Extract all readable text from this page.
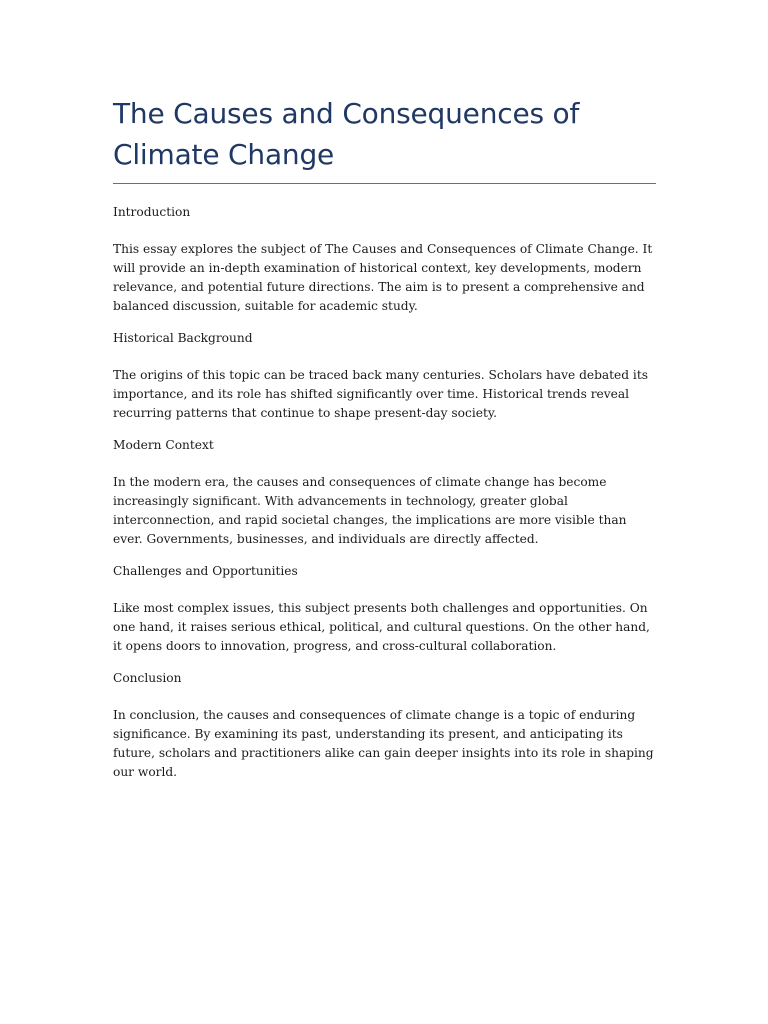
The Causes and Consequences of Climate Change

Introduction

This essay explores the subject of The Causes and Consequences of Climate Change. It will provide an in-depth examination of historical context, key developments, modern relevance, and potential future directions. The aim is to present a comprehensive and balanced discussion, suitable for academic study.

Historical Background

The origins of this topic can be traced back many centuries. Scholars have debated its importance, and its role has shifted significantly over time. Historical trends reveal recurring patterns that continue to shape present-day society.

Modern Context

In the modern era, the causes and consequences of climate change has become increasingly significant. With advancements in technology, greater global interconnection, and rapid societal changes, the implications are more visible than ever. Governments, businesses, and individuals are directly affected.

Challenges and Opportunities

Like most complex issues, this subject presents both challenges and opportunities. On one hand, it raises serious ethical, political, and cultural questions. On the other hand, it opens doors to innovation, progress, and cross-cultural collaboration.

Conclusion

In conclusion, the causes and consequences of climate change is a topic of enduring significance. By examining its past, understanding its present, and anticipating its future, scholars and practitioners alike can gain deeper insights into its role in shaping our world.
